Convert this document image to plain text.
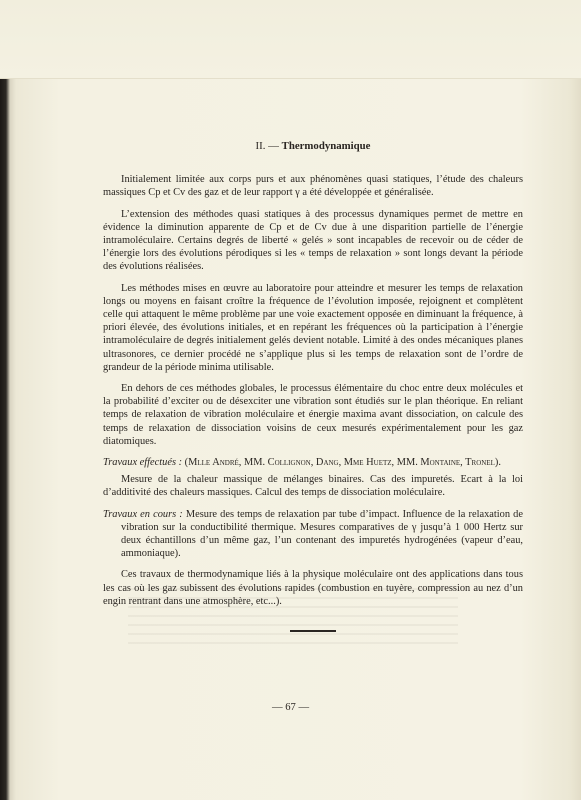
II. — Thermodynamique

Initialement limitée aux corps purs et aux phénomènes quasi statiques, l’étude des chaleurs massiques Cp et Cv des gaz et de leur rapport γ a été développée et généralisée.

L’extension des méthodes quasi statiques à des processus dynamiques permet de mettre en évidence la diminution apparente de Cp et de Cv due à une disparition partielle de l’énergie intramoléculaire. Certains degrés de liberté « gelés » sont incapables de recevoir ou de céder de l’énergie lors des évolutions pérodiques si les « temps de relaxation » sont longs devant la période des évolutions réalisées.

Les méthodes mises en œuvre au laboratoire pour atteindre et mesurer les temps de relaxation longs ou moyens en faisant croître la fréquence de l’évolution imposée, rejoignent et complètent celle qui attaquent le même problème par une voie exactement opposée en diminuant la fréquence, à priori élevée, des évolutions initiales, et en repérant les fréquences où la participation à l’énergie intramoléculaire de degrés initialement gelés devient notable. Limité à des ondes mécaniques planes ultrasonores, ce dernier procédé ne s’applique plus si les temps de relaxation sont de l’ordre de grandeur de la période minima utilisable.

En dehors de ces méthodes globales, le processus élémentaire du choc entre deux molécules et la probabilité d’exciter ou de désexciter une vibration sont étudiés sur le plan théorique. En reliant temps de relaxation de vibration moléculaire et énergie maxima avant dissociation, on calcule des temps de relaxation de dissociation voisins de ceux mesurés expérimentalement pour les gaz diatomiques.

Travaux effectués : (Mlle André, MM. Collignon, Dang, Mme Huetz, MM. Montaine, Tronel).

Mesure de la chaleur massique de mélanges binaires. Cas des impuretés. Ecart à la loi d’additivité des chaleurs massiques. Calcul des temps de dissociation moléculaire.

Travaux en cours : Mesure des temps de relaxation par tube d’impact. Influence de la relaxation de vibration sur la conductibilité thermique. Mesures comparatives de γ jusqu’à 1 000 Hertz sur deux échantillons d’un même gaz, l’un contenant des impuretés hydrogénées (vapeur d’eau, ammoniaque).

Ces travaux de thermodynamique liés à la physique moléculaire ont des applications dans tous les cas où les gaz subissent des évolutions rapides (combustion en tuyère, compression au nez d’un engin rentrant dans une atmosphère, etc...).

— 67 —
